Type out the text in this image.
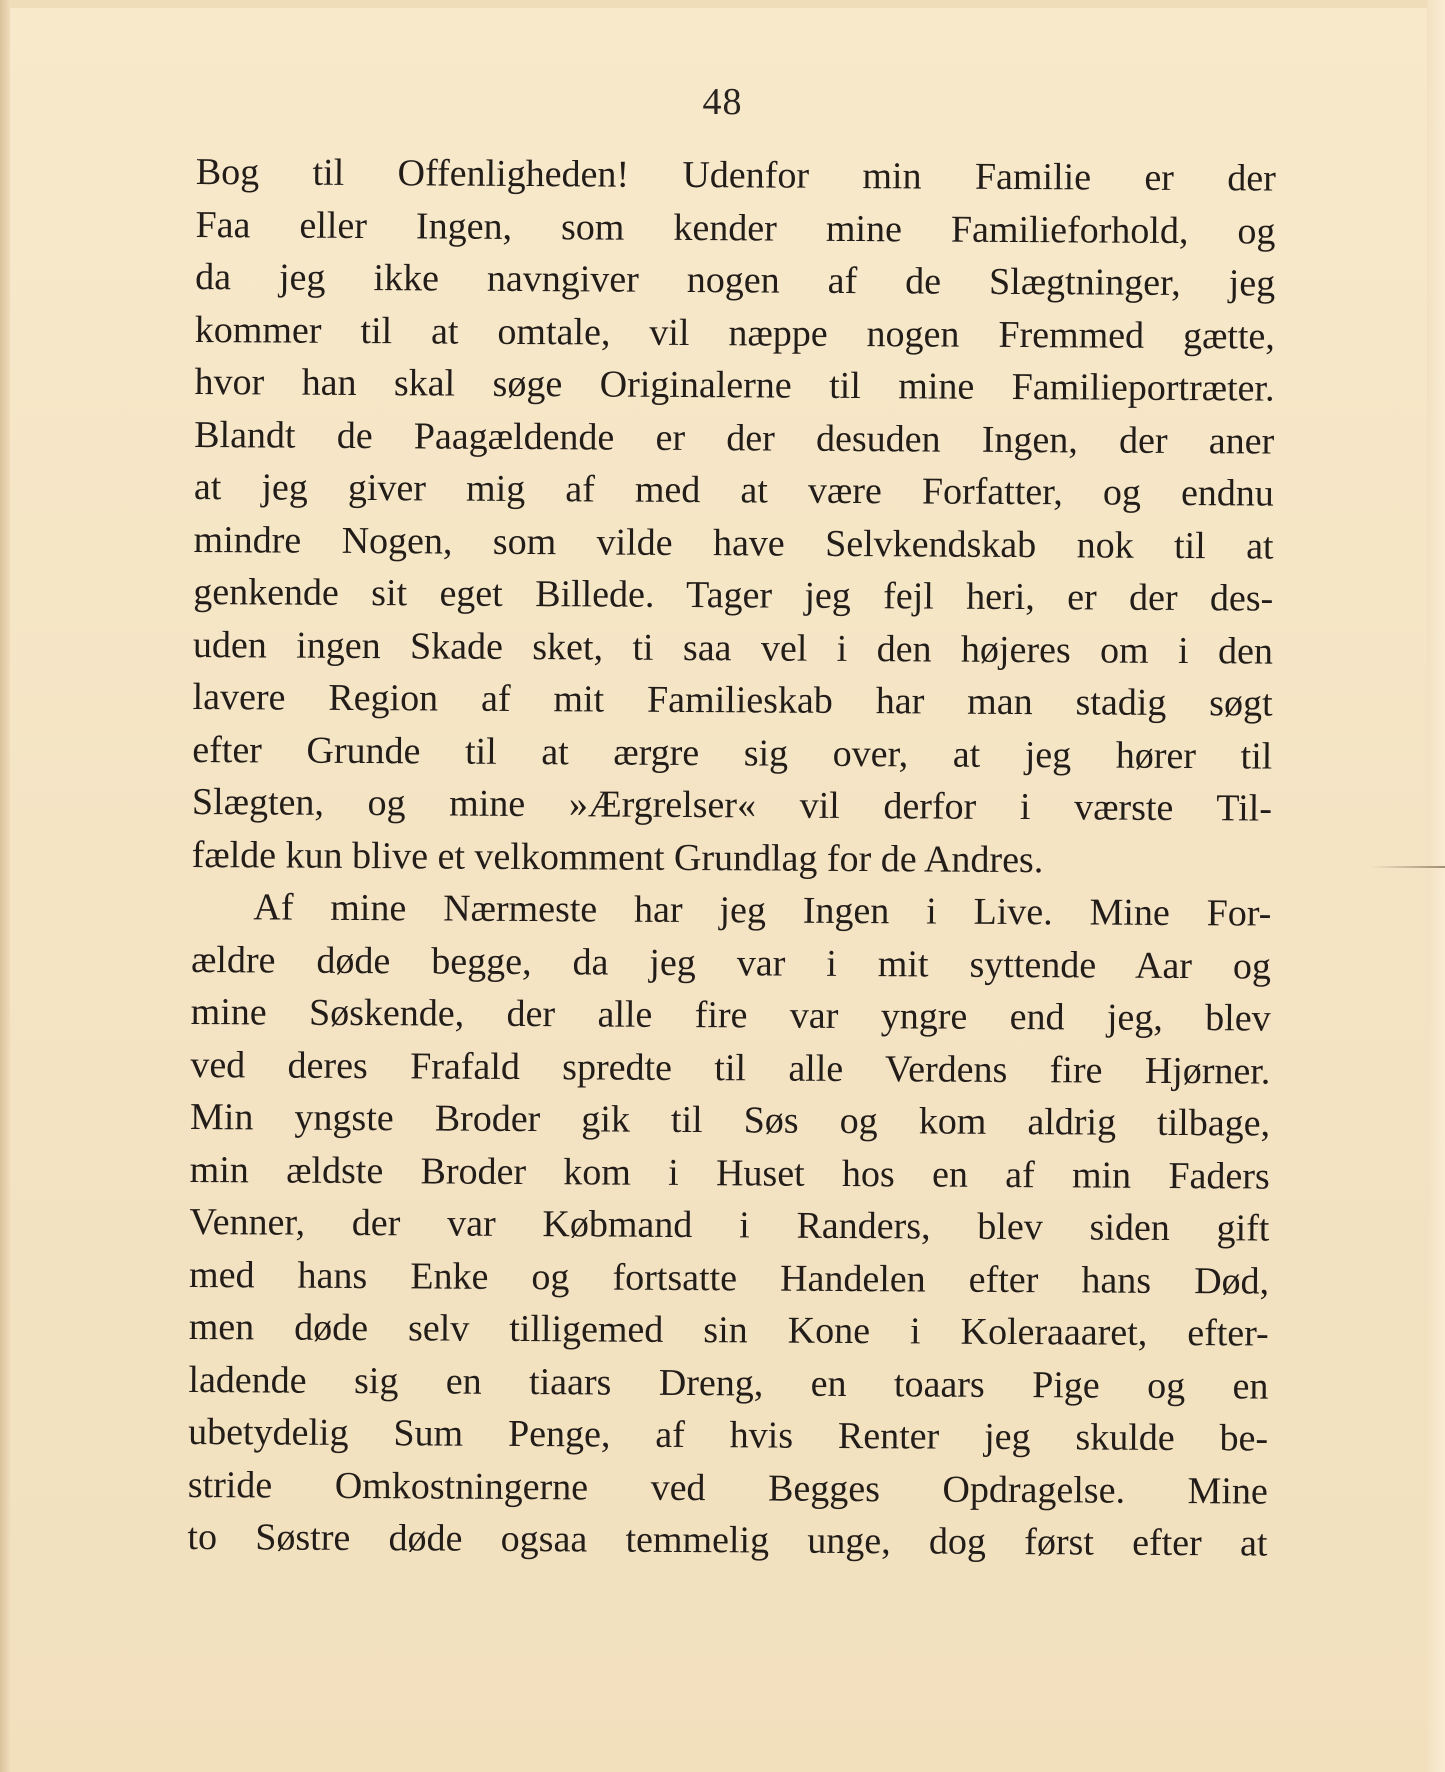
48
Bog til Offenligheden! Udenfor min Familie er der
Faa eller Ingen, som kender mine Familieforhold, og
da jeg ikke navngiver nogen af de Slægtninger, jeg
kommer til at omtale, vil næppe nogen Fremmed gætte,
hvor han skal søge Originalerne til mine Familieportræter.
Blandt de Paagældende er der desuden Ingen, der aner
at jeg giver mig af med at være Forfatter, og endnu
mindre Nogen, som vilde have Selvkendskab nok til at
genkende sit eget Billede. Tager jeg fejl heri, er der des-
uden ingen Skade sket, ti saa vel i den højeres om i den
lavere Region af mit Familieskab har man stadig søgt
efter Grunde til at ærgre sig over, at jeg hører til
Slægten, og mine »Ærgrelser« vil derfor i værste Til-
fælde kun blive et velkomment Grundlag for de Andres.
Af mine Nærmeste har jeg Ingen i Live. Mine For-
ældre døde begge, da jeg var i mit syttende Aar og
mine Søskende, der alle fire var yngre end jeg, blev
ved deres Frafald spredte til alle Verdens fire Hjørner.
Min yngste Broder gik til Søs og kom aldrig tilbage,
min ældste Broder kom i Huset hos en af min Faders
Venner, der var Købmand i Randers, blev siden gift
med hans Enke og fortsatte Handelen efter hans Død,
men døde selv tilligemed sin Kone i Koleraaaret, efter-
ladende sig en tiaars Dreng, en toaars Pige og en
ubetydelig Sum Penge, af hvis Renter jeg skulde be-
stride Omkostningerne ved Begges Opdragelse. Mine
to Søstre døde ogsaa temmelig unge, dog først efter at
